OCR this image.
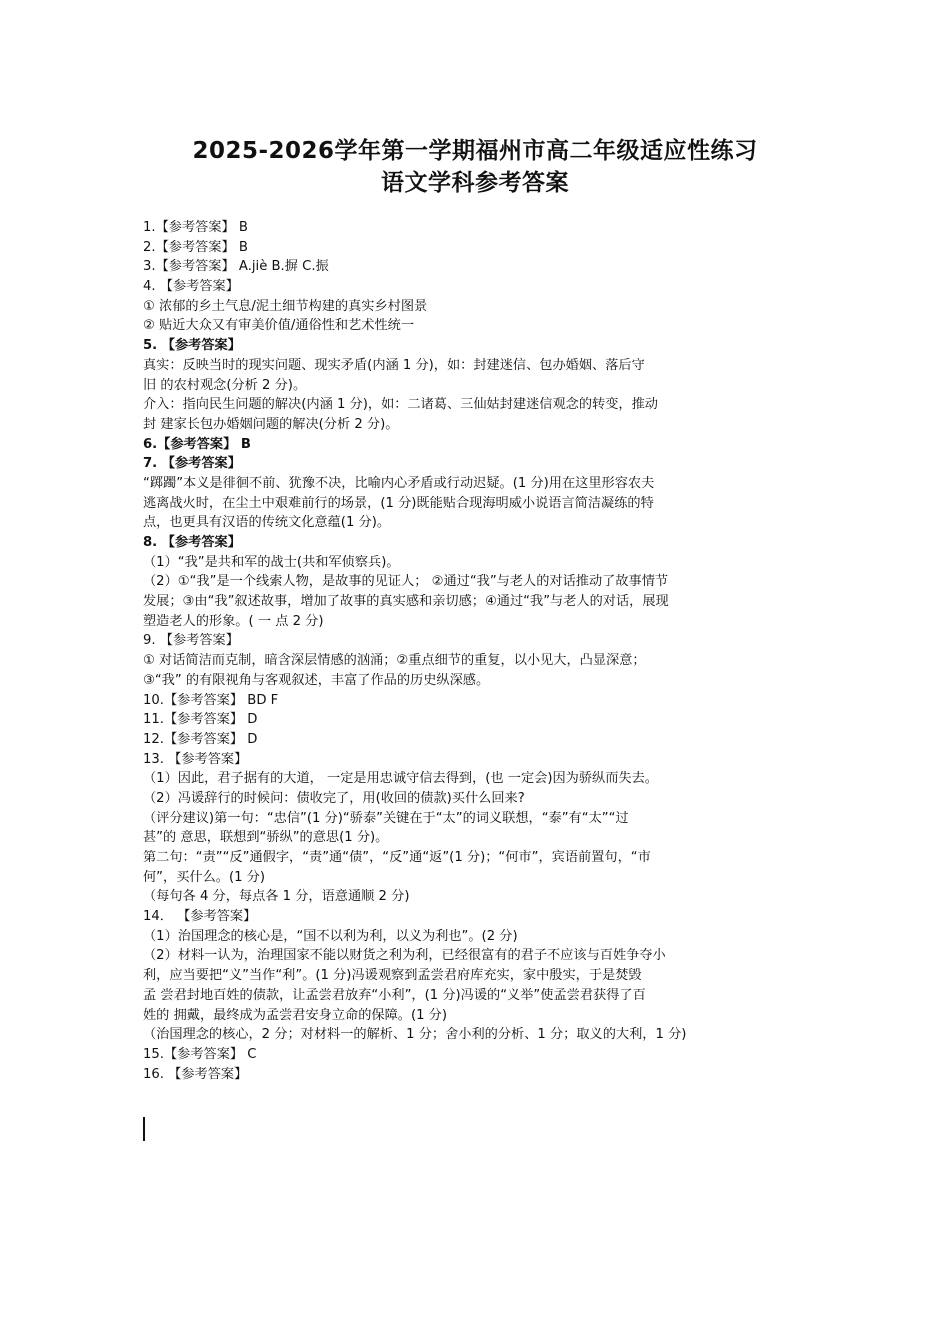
2025-2026学年第一学期福州市高二年级适应性练习
语文学科参考答案
1.【参考答案】 B
2.【参考答案】 B
3.【参考答案】 A.jiè B.摒 C.振
4. 【参考答案】
① 浓郁的乡土气息/泥土细节构建的真实乡村图景
② 贴近大众又有审美价值/通俗性和艺术性统一
5. 【参考答案】
真实：反映当时的现实问题、现实矛盾(内涵 1 分)，如：封建迷信、包办婚姻、落后守
旧 的农村观念(分析 2 分)。
介入：指向民生问题的解决(内涵 1 分)，如：二诸葛、三仙姑封建迷信观念的转变，推动
封 建家长包办婚姻问题的解决(分析 2 分)。
6.【参考答案】 B
7. 【参考答案】
“踯躅”本义是徘徊不前、犹豫不决，比喻内心矛盾或行动迟疑。(1 分)用在这里形容农夫
逃离战火时，在尘土中艰难前行的场景，(1 分)既能贴合现海明威小说语言简洁凝练的特
点，也更具有汉语的传统文化意蕴(1 分)。
8. 【参考答案】
（1）“我”是共和军的战士(共和军侦察兵)。
（2）①“我”是一个线索人物，是故事的见证人； ②通过“我”与老人的对话推动了故事情节
发展；③由“我”叙述故事，增加了故事的真实感和亲切感；④通过“我”与老人的对话，展现
塑造老人的形象。( 一 点 2 分)
9. 【参考答案】
① 对话简洁而克制，暗含深层情感的汹涌；②重点细节的重复，以小见大，凸显深意；
③“我” 的有限视角与客观叙述，丰富了作品的历史纵深感。
10.【参考答案】 BD F
11.【参考答案】 D
12.【参考答案】 D
13. 【参考答案】
（1）因此，君子据有的大道， 一定是用忠诚守信去得到，(也 一定会)因为骄纵而失去。
（2）冯谖辞行的时候问：债收完了，用(收回的债款)买什么回来?
（评分建议)第一句：“忠信”(1 分)“骄泰”关键在于“太”的词义联想，“泰”有“太”“过
甚”的 意思，联想到“骄纵”的意思(1 分)。
第二句：“责”“反”通假字，“责”通“债”，“反”通“返”(1 分)；“何市”，宾语前置句，“市
何”，买什么。(1 分)
（每句各 4 分，每点各 1 分，语意通顺 2 分)
14． 【参考答案】
（1）治国理念的核心是，“国不以利为利，以义为利也”。(2 分)
（2）材料一认为，治理国家不能以财货之利为利，已经很富有的君子不应该与百姓争夺小
利，应当要把“义”当作“利”。(1 分)冯谖观察到孟尝君府库充实，家中殷实，于是焚毁
孟 尝君封地百姓的债款，让孟尝君放弃“小利”，(1 分)冯谖的“义举”使孟尝君获得了百
姓的 拥戴，最终成为孟尝君安身立命的保障。(1 分)
（治国理念的核心，2 分；对材料一的解析、1 分；舍小利的分析、1 分；取义的大利，1 分)
15.【参考答案】 C
16. 【参考答案】
